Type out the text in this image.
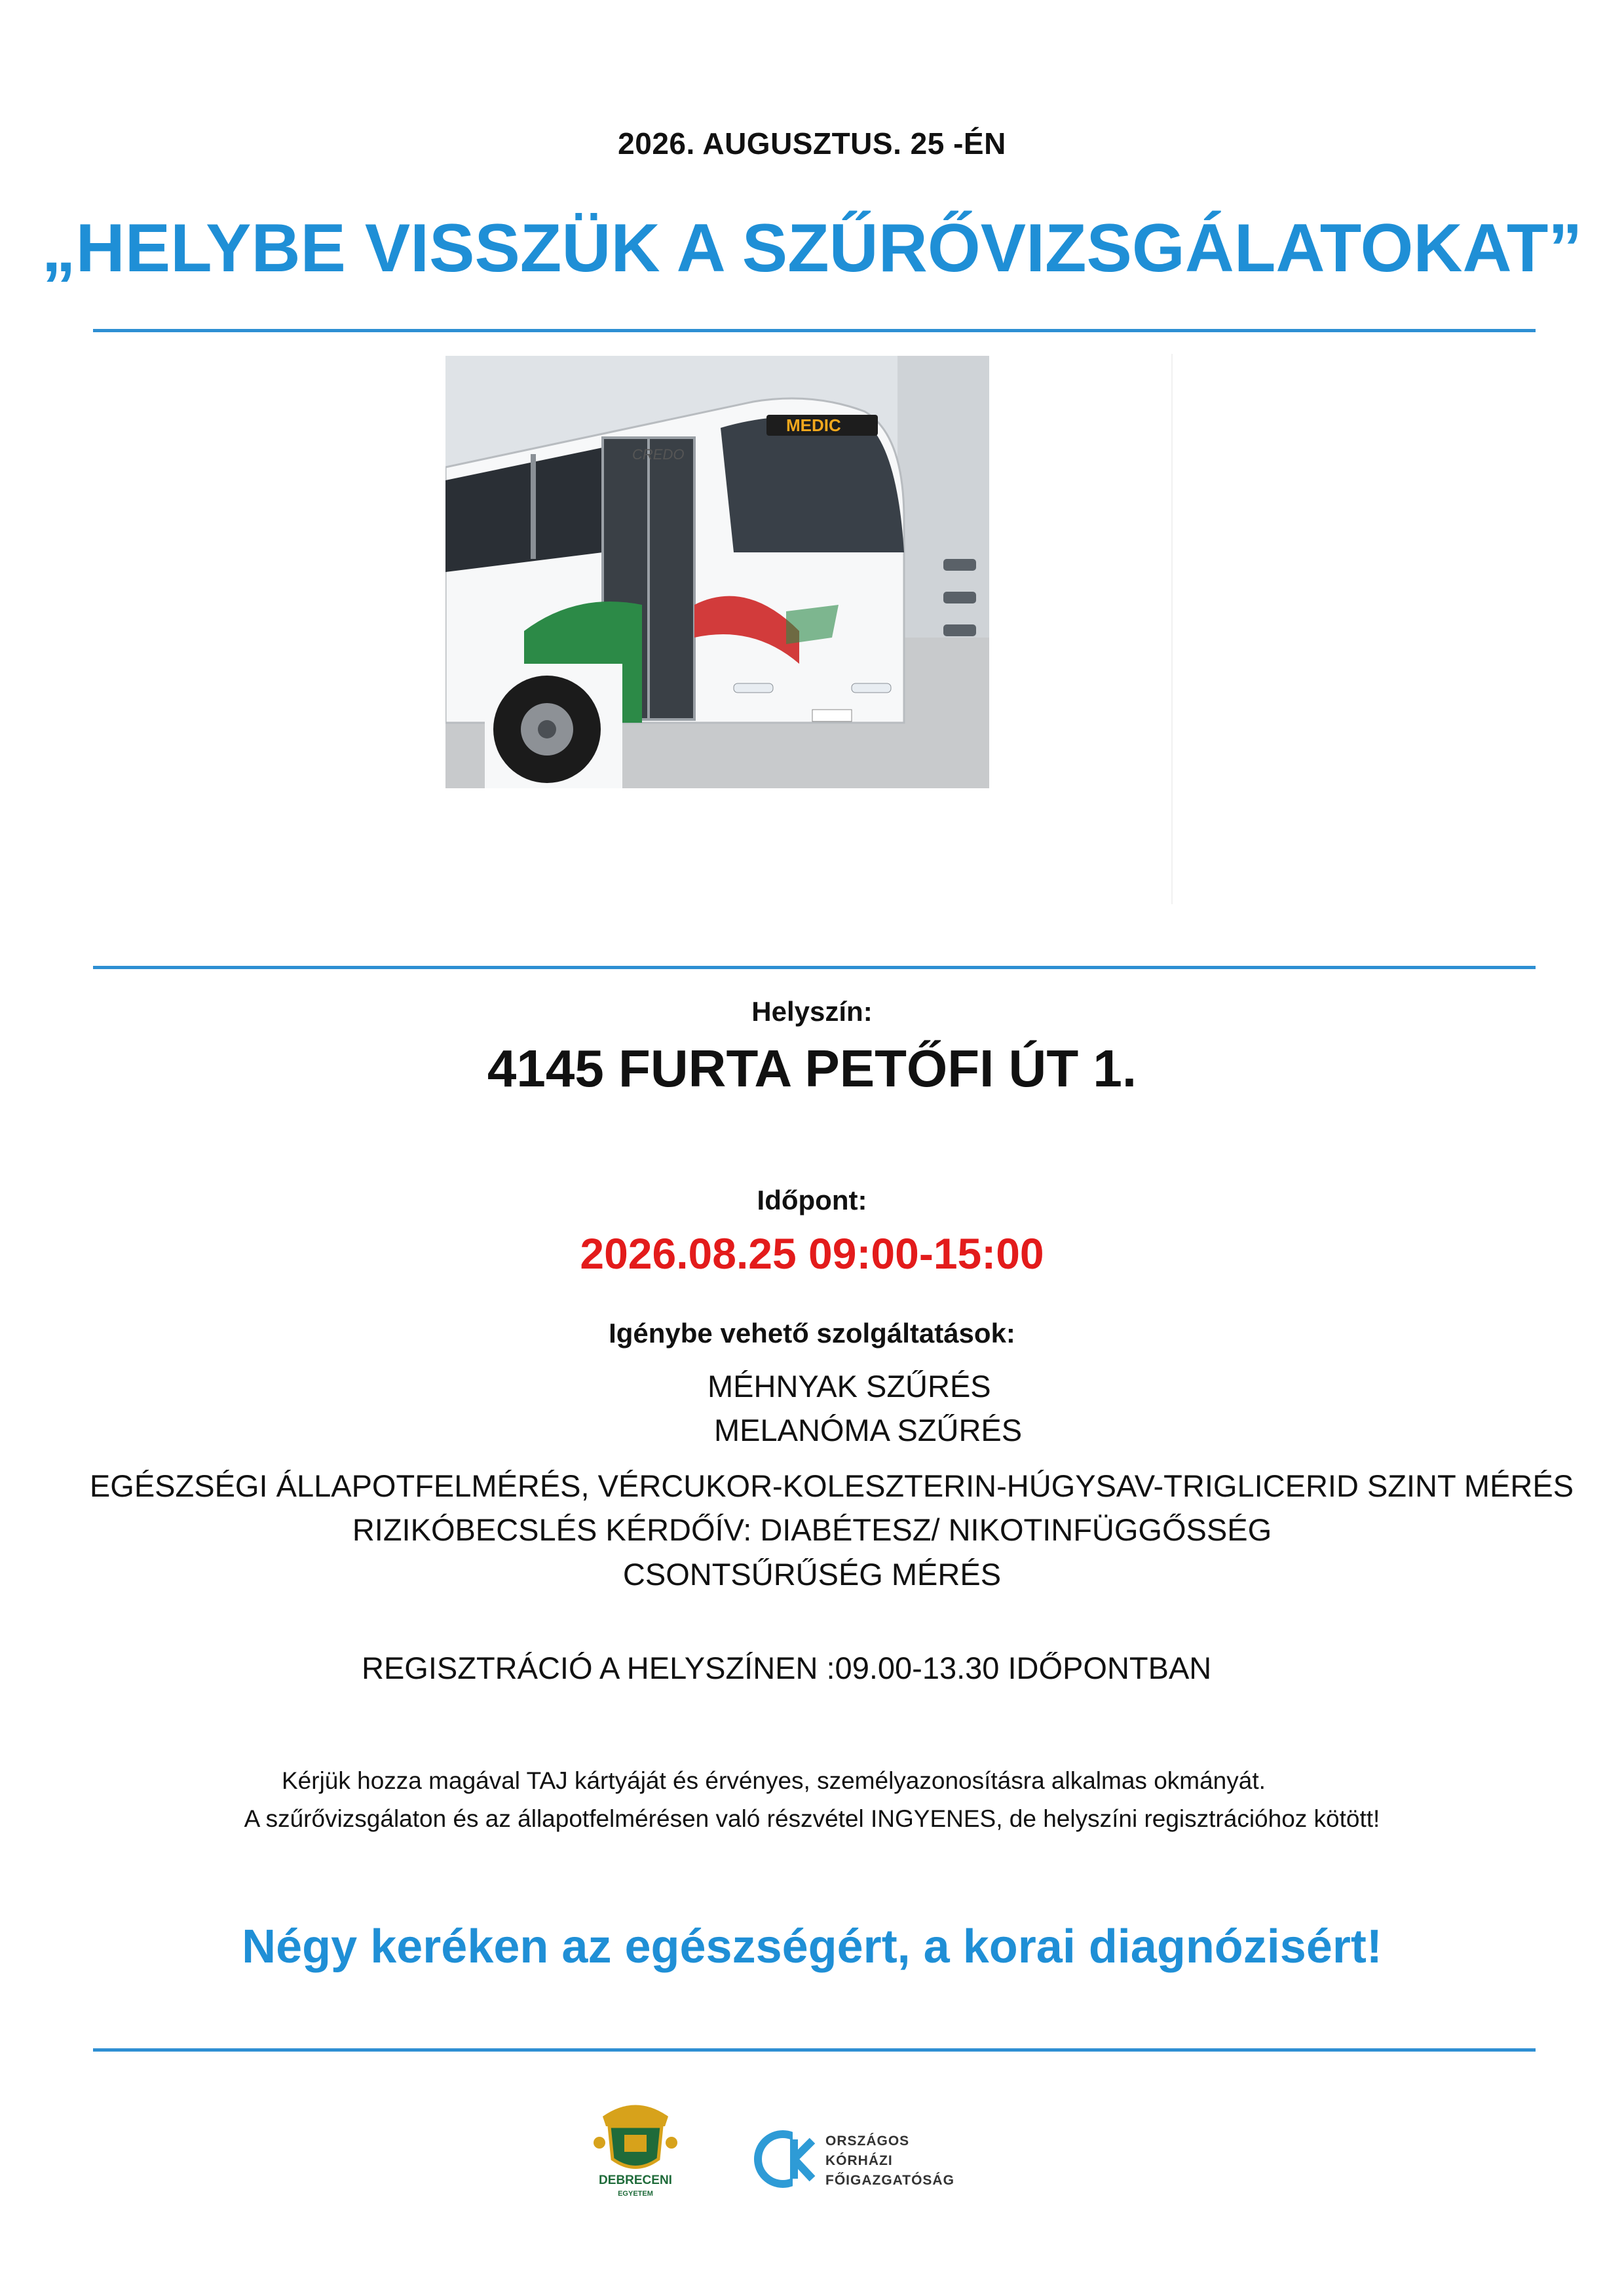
2026. AUGUSZTUS. 25 -ÉN
„HELYBE VISSZÜK A SZŰRŐVIZSGÁLATOKAT”
MEDIC
CREDO
Helyszín:
4145 FURTA PETŐFI ÚT 1.
Időpont:
2026.08.25 09:00-15:00
Igénybe vehető szolgáltatások:
MÉHNYAK SZŰRÉS
MELANÓMA SZŰRÉS
EGÉSZSÉGI ÁLLAPOTFELMÉRÉS, VÉRCUKOR-KOLESZTERIN-HÚGYSAV-TRIGLICERID SZINT MÉRÉS
RIZIKÓBECSLÉS KÉRDŐÍV: DIABÉTESZ/ NIKOTINFÜGGŐSSÉG
CSONTSŰRŰSÉG MÉRÉS
REGISZTRÁCIÓ A HELYSZÍNEN :09.00-13.30 IDŐPONTBAN
Kérjük hozza magával TAJ kártyáját és érvényes, személyazonosításra alkalmas okmányát.
A szűrővizsgálaton és az állapotfelmérésen való részvétel INGYENES, de helyszíni regisztrációhoz kötött!
Négy keréken az egészségért, a korai diagnózisért!
DEBRECENI
EGYETEM
ORSZÁGOS
KÓRHÁZI
FŐIGAZGATÓSÁG
